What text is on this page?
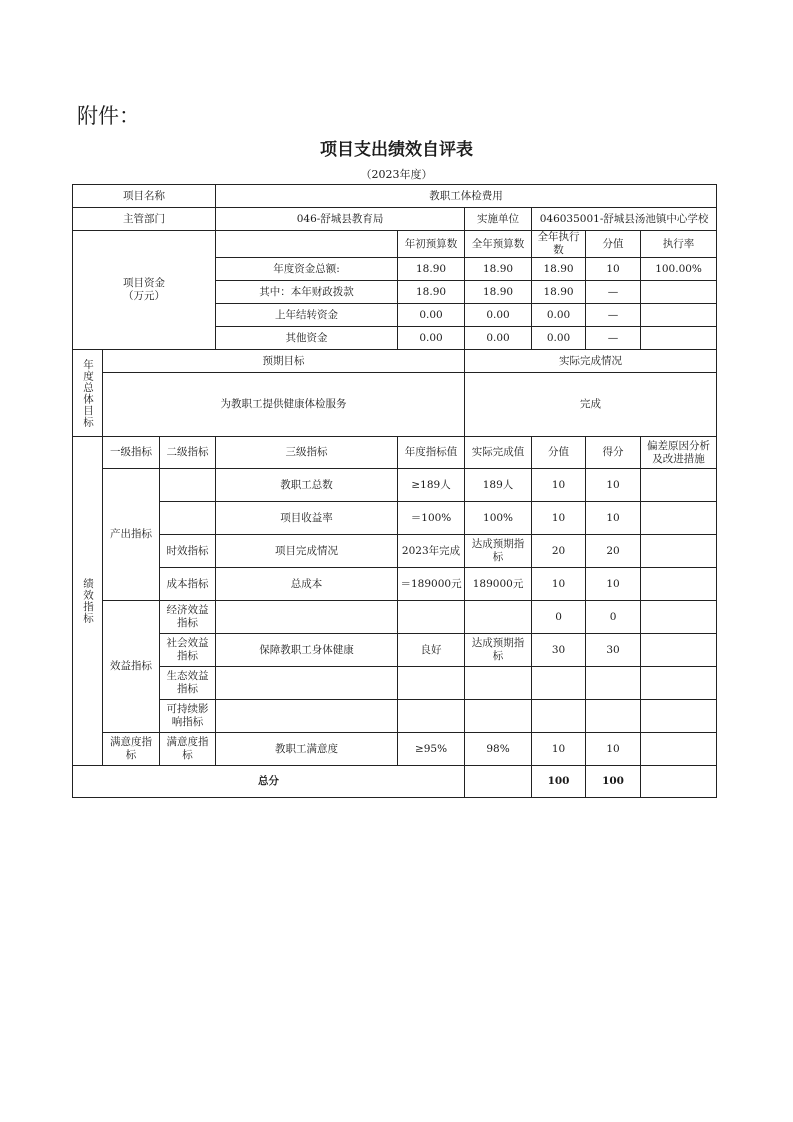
附件：
项目支出绩效自评表
（2023年度）
项目名称			教职工体检费用						
主管部门			046-舒城县教育局		实施单位	046035001-舒城县汤池镇中心学校			

项目资金
（万元）				年初预算数	全年预算数	全年执行数	分值	执行率	
			年度资金总额:	18.90	18.90	18.90	10	100.00%	
			其中：本年财政拨款	18.90	18.90	18.90	—		
			上年结转资金	0.00	0.00	0.00	—		
			其他资金	0.00	0.00	0.00	—		
年度总体目标	预期目标				实际完成情况				
	为教职工提供健康体检服务				完成				
绩效指标	一级指标	二级指标	三级指标	年度指标值	实际完成值	分值	得分	偏差原因分析及改进措施	
	产出指标		教职工总数	≥189人	189人	10	10		
			项目收益率	＝100%	100%	10	10		
		时效指标	项目完成情况	2023年完成	达成预期指标	20	20		
		成本指标	总成本	＝189000元	189000元	10	10		
	效益指标	经济效益指标				0	0		
		社会效益指标	保障教职工身体健康	良好	达成预期指标	30	30		
		生态效益指标							
		可持续影响指标							
	满意度指标	满意度指标	教职工满意度	≥95%	98%	10	10		
总分						100	100		
